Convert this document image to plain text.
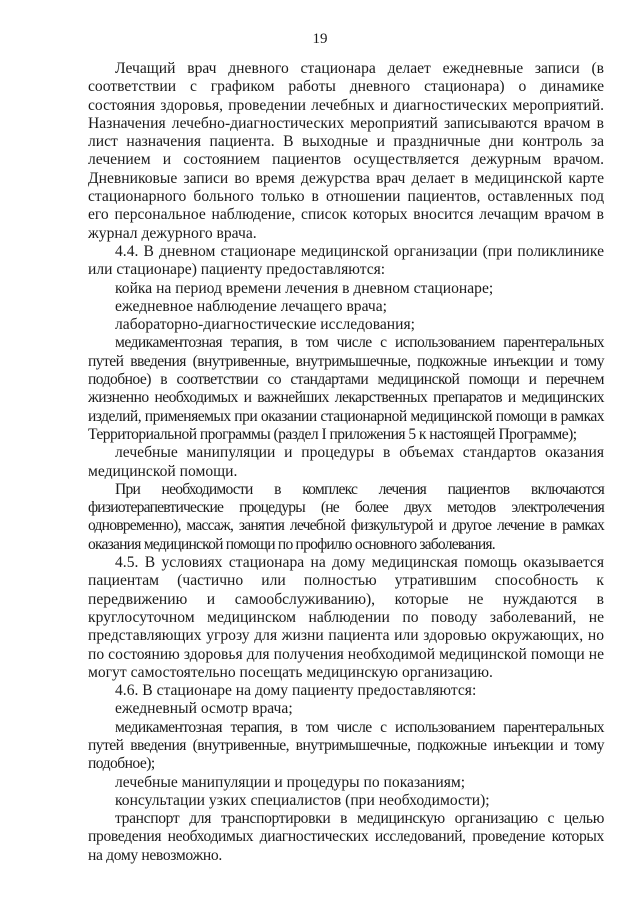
19

Лечащий врач дневного стационара делает ежедневные записи (в соответствии с графиком работы дневного стационара) о динамике состояния здоровья, проведении лечебных и диагностических мероприятий. Назначения лечебно-диагностических мероприятий записываются врачом в лист назначения пациента. В выходные и праздничные дни контроль за лечением и состоянием пациентов осуществляется дежурным врачом. Дневниковые записи во время дежурства врач делает в медицинской карте стационарного больного только в отношении пациентов, оставленных под его персональное наблюдение, список которых вносится лечащим врачом в журнал дежурного врача.

4.4. В дневном стационаре медицинской организации (при поликлинике или стационаре) пациенту предоставляются:

койка на период времени лечения в дневном стационаре;

ежедневное наблюдение лечащего врача;

лабораторно-диагностические исследования;

медикаментозная терапия, в том числе с использованием парентеральных путей введения (внутривенные, внутримышечные, подкожные инъекции и тому подобное) в соответствии со стандартами медицинской помощи и перечнем жизненно необходимых и важнейших лекарственных препаратов и медицинских изделий, применяемых при оказании стационарной медицинской помощи в рамках Территориальной программы (раздел I приложения 5 к настоящей Программе);

лечебные манипуляции и процедуры в объемах стандартов оказания медицинской помощи.

При необходимости в комплекс лечения пациентов включаются физиотерапевтические процедуры (не более двух методов электролечения одновременно), массаж, занятия лечебной физкультурой и другое лечение в рамках оказания медицинской помощи по профилю основного заболевания.

4.5. В условиях стационара на дому медицинская помощь оказывается пациентам (частично или полностью утратившим способность к передвижению и самообслуживанию), которые не нуждаются в круглосуточном медицинском наблюдении по поводу заболеваний, не представляющих угрозу для жизни пациента или здоровью окружающих, но по состоянию здоровья для получения необходимой медицинской помощи не могут самостоятельно посещать медицинскую организацию.

4.6. В стационаре на дому пациенту предоставляются:

ежедневный осмотр врача;

медикаментозная терапия, в том числе с использованием парентеральных путей введения (внутривенные, внутримышечные, подкожные инъекции и тому подобное);

лечебные манипуляции и процедуры по показаниям;

консультации узких специалистов (при необходимости);

транспорт для транспортировки в медицинскую организацию с целью проведения необходимых диагностических исследований, проведение которых на дому невозможно.
